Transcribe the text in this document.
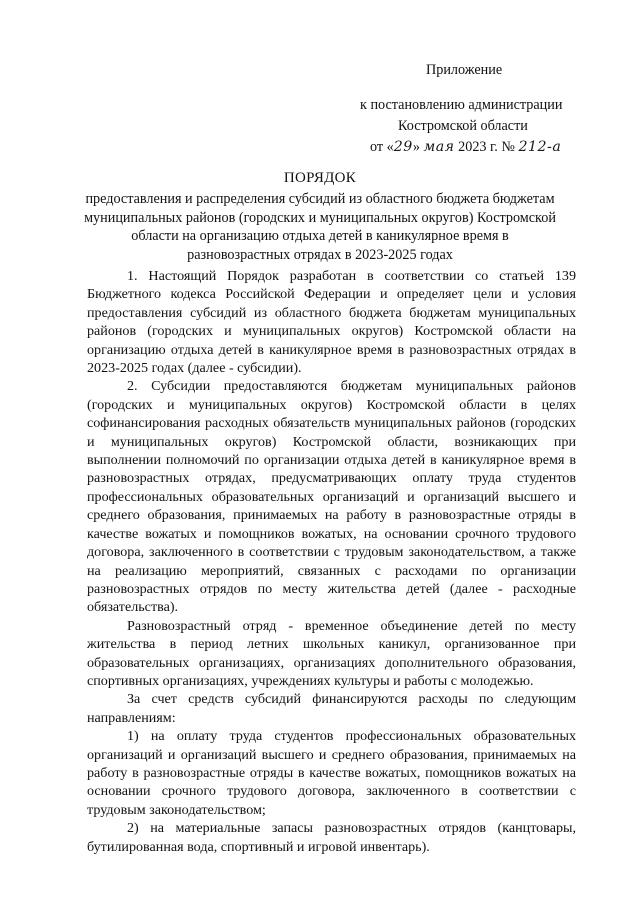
Приложение
к постановлению администрации
Костромской области
от «29» мая 2023 г. № 212-а
ПОРЯДОК
предоставления и распределения субсидий из областного бюджета бюджетам муниципальных районов (городских и муниципальных округов) Костромской области на организацию отдыха детей в каникулярное время в разновозрастных отрядах в 2023-2025 годах

1. Настоящий Порядок разработан в соответствии со статьей 139 Бюджетного кодекса Российской Федерации и определяет цели и условия предоставления субсидий из областного бюджета бюджетам муниципальных районов (городских и муниципальных округов) Костромской области на организацию отдыха детей в каникулярное время в разновозрастных отрядах в 2023-2025 годах (далее - субсидии).

2. Субсидии предоставляются бюджетам муниципальных районов (городских и муниципальных округов) Костромской области в целях софинансирования расходных обязательств муниципальных районов (городских и муниципальных округов) Костромской области, возникающих при выполнении полномочий по организации отдыха детей в каникулярное время в разновозрастных отрядах, предусматривающих оплату труда студентов профессиональных образовательных организаций и организаций высшего и среднего образования, принимаемых на работу в разновозрастные отряды в качестве вожатых и помощников вожатых, на основании срочного трудового договора, заключенного в соответствии с трудовым законодательством, а также на реализацию мероприятий, связанных с расходами по организации разновозрастных отрядов по месту жительства детей (далее - расходные обязательства).

Разновозрастный отряд - временное объединение детей по месту жительства в период летних школьных каникул, организованное при образовательных организациях, организациях дополнительного образования, спортивных организациях, учреждениях культуры и работы с молодежью.

За счет средств субсидий финансируются расходы по следующим направлениям:

1) на оплату труда студентов профессиональных образовательных организаций и организаций высшего и среднего образования, принимаемых на работу в разновозрастные отряды в качестве вожатых, помощников вожатых на основании срочного трудового договора, заключенного в соответствии с трудовым законодательством;

2) на материальные запасы разновозрастных отрядов (канцтовары, бутилированная вода, спортивный и игровой инвентарь).
